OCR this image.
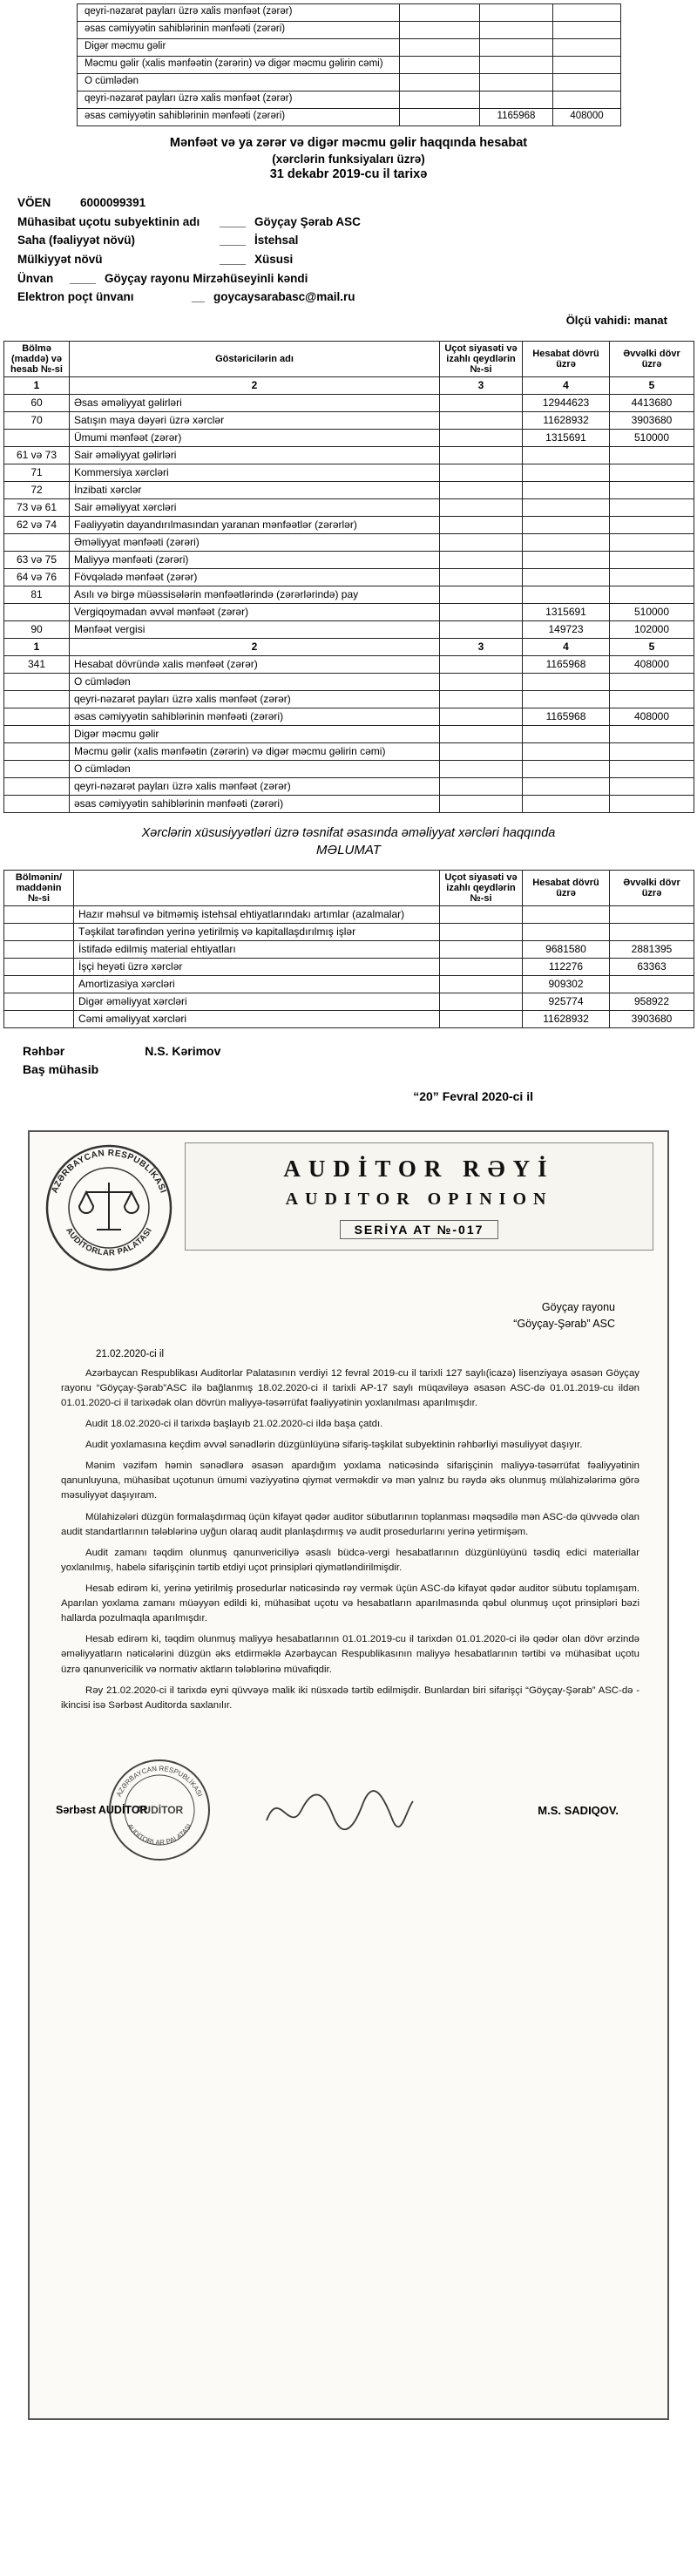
qeyri-nəzarət payları üzrə xalis mənfəət (zərər)			
əsas cəmiyyətin sahiblərinin mənfəəti (zərəri)			
Digər məcmu gəlir			
Məcmu gəlir (xalis mənfəətin (zərərin) və digər məcmu gəlirin cəmi)			
O cümlədən			
qeyri-nəzarət payları üzrə xalis mənfəət (zərər)			
əsas cəmiyyətin sahiblərinin mənfəəti (zərəri)		1165968	408000
Mənfəət və ya zərər və digər məcmu gəlir haqqında hesabat
(xərclərin funksiyaları üzrə)
31 dekabr 2019-cu il tarixə
VÖEN	6000099391
Mühasibat uçotu subyektinin adı	____ Göyçay Şərab ASC
Saha (fəaliyyət növü)	____ İstehsal
Mülkiyyət növü	____ Xüsusi
Ünvan	____ Göyçay rayonu Mirzəhüseyinli kəndi
Elektron poçt ünvanı	__ goycaysarabasc@mail.ru
Ölçü vahidi: manat
Bölmə (maddə) və hesab №-si	Göstəricilərin adı	Uçot siyasəti və izahlı qeydlərin №-si	Hesabat dövrü üzrə	Əvvəlki dövr üzrə
1	2	3	4	5
60	Əsas əməliyyat gəlirləri		12944623	4413680
70	Satışın maya dəyəri üzrə xərclər		11628932	3903680
	Ümumi mənfəət (zərər)		1315691	510000
61 və 73	Sair əməliyyat gəlirləri			
71	Kommersiya xərcləri			
72	İnzibati xərclər			
73 və 61	Sair əməliyyat xərcləri			
62 və 74	Fəaliyyətin dayandırılmasından yaranan mənfəətlər (zərərlər)			
	Əməliyyat mənfəəti (zərəri)			
63 və 75	Maliyyə mənfəəti (zərəri)			
64 və 76	Fövqəladə mənfəət (zərər)			
81	Asılı və birgə müəssisələrin mənfəətlərində (zərərlərində) pay			
	Vergiqoymadan əvvəl mənfəət (zərər)		1315691	510000
90	Mənfəət vergisi		149723	102000
1	2	3	4	5
341	Hesabat dövründə xalis mənfəət (zərər)		1165968	408000
	O cümlədən			
	qeyri-nəzarət payları üzrə xalis mənfəət (zərər)			
	əsas cəmiyyətin sahiblərinin mənfəəti (zərəri)		1165968	408000
	Digər məcmu gəlir			
	Məcmu gəlir (xalis mənfəətin (zərərin) və digər məcmu gəlirin cəmi)			
	O cümlədən			
	qeyri-nəzarət payları üzrə xalis mənfəət (zərər)			
	əsas cəmiyyətin sahiblərinin mənfəəti (zərəri)			
Xərclərin xüsusiyyətləri üzrə təsnifat əsasında əməliyyat xərcləri haqqında
MƏLUMAT
Bölmənin/ maddənin №-si		Uçot siyasəti və izahlı qeydlərin №-si	Hesabat dövrü üzrə	Əvvəlki dövr üzrə
	Hazır məhsul və bitməmiş istehsal ehtiyatlarındakı artımlar (azalmalar)			
	Təşkilat tərəfindən yerinə yetirilmiş və kapitallaşdırılmış işlər			
	İstifadə edilmiş material ehtiyatları		9681580	2881395
	İşçi heyəti üzrə xərclər		112276	63363
	Amortizasiya xərcləri		909302	
	Digər əməliyyat xərcləri		925774	958922
	Cəmi əməliyyat xərcləri		11628932	3903680
Rəhbər	N.S. Kərimov
Baş mühasib
“20” Fevral 2020-ci il
AZƏRBAYCAN RESPUBLİKASI
AUDİTORLAR PALATASI
AUDİTOR RƏYİ
AUDITOR OPINION
SERİYA AT №-017
Göyçay rayonu
“Göyçay-Şərab” ASC
21.02.2020-ci il

Azərbaycan Respublikası Auditorlar Palatasının verdiyi 12 fevral 2019-cu il tarixli 127 saylı(icazə) lisenziyaya əsasən Göyçay rayonu “Göyçay-Şərab”ASC ilə bağlanmış 18.02.2020-ci il tarixli AP-17 saylı müqaviləyə əsasən ASC-də 01.01.2019-cu ildən 01.01.2020-ci il tarixədək olan dövrün maliyyə-təsərrüfat fəaliyyətinin yoxlanılması aparılmışdır.

Audit 18.02.2020-ci il tarixdə başlayıb 21.02.2020-ci ildə başa çatdı.

Audit yoxlamasına keçdim əvvəl sənədlərin düzgünlüyünə sifariş-təşkilat subyektinin rəhbərliyi məsuliyyət daşıyır.

Mənim vəzifəm həmin sənədlərə əsasən apardığım yoxlama nəticəsində sifarişçinin maliyyə-təsərrüfat fəaliyyətinin qanunluyuna, mühasibat uçotunun ümumi vəziyyətinə qiymət verməkdir və mən yalnız bu rəydə əks olunmuş mülahizələrimə görə məsuliyyət daşıyıram.

Mülahizələri düzgün formalaşdırmaq üçün kifayət qədər auditor sübutlarının toplanması məqsədilə mən ASC-də qüvvədə olan audit standartlarının tələblərinə uyğun olaraq audit planlaşdırmış və audit prosedurlarını yerinə yetirmişəm.

Audit zamanı təqdim olunmuş qanunvericiliyə əsaslı büdcə-vergi hesabatlarının düzgünlüyünü təsdiq edici materiallar yoxlanılmış, habelə sifarişçinin tərtib etdiyi uçot prinsipləri qiymətləndirilmişdir.

Hesab edirəm ki, yerinə yetirilmiş prosedurlar nəticəsində rəy vermək üçün ASC-də kifayət qədər auditor sübutu toplamışam. Aparılan yoxlama zamanı müəyyən edildi ki, mühasibat uçotu və hesabatların aparılmasında qəbul olunmuş uçot prinsipləri bəzi hallarda pozulmaqla aparılmışdır.

Hesab edirəm ki, təqdim olunmuş maliyyə hesabatlarının 01.01.2019-cu il tarixdən 01.01.2020-ci ilə qədər olan dövr ərzində əməliyyatların nəticələrini düzgün əks etdirməklə Azərbaycan Respublikasının maliyyə hesabatlarının tərtibi və mühasibat uçotu üzrə qanunvericilik və normativ aktların tələblərinə müvafiqdir.

Rəy 21.02.2020-ci il tarixdə eyni qüvvəyə malik iki nüsxədə tərtib edilmişdir. Bunlardan biri sifarişçi “Göyçay-Şərab” ASC-də - ikincisi isə Sərbəst Auditorda saxlanılır.

Sərbəst AUDİTOR
AZƏRBAYCAN RESPUBLİKASI
AUDİTORLAR PALATASI
AUDİTOR	M.S. SADIQOV.
